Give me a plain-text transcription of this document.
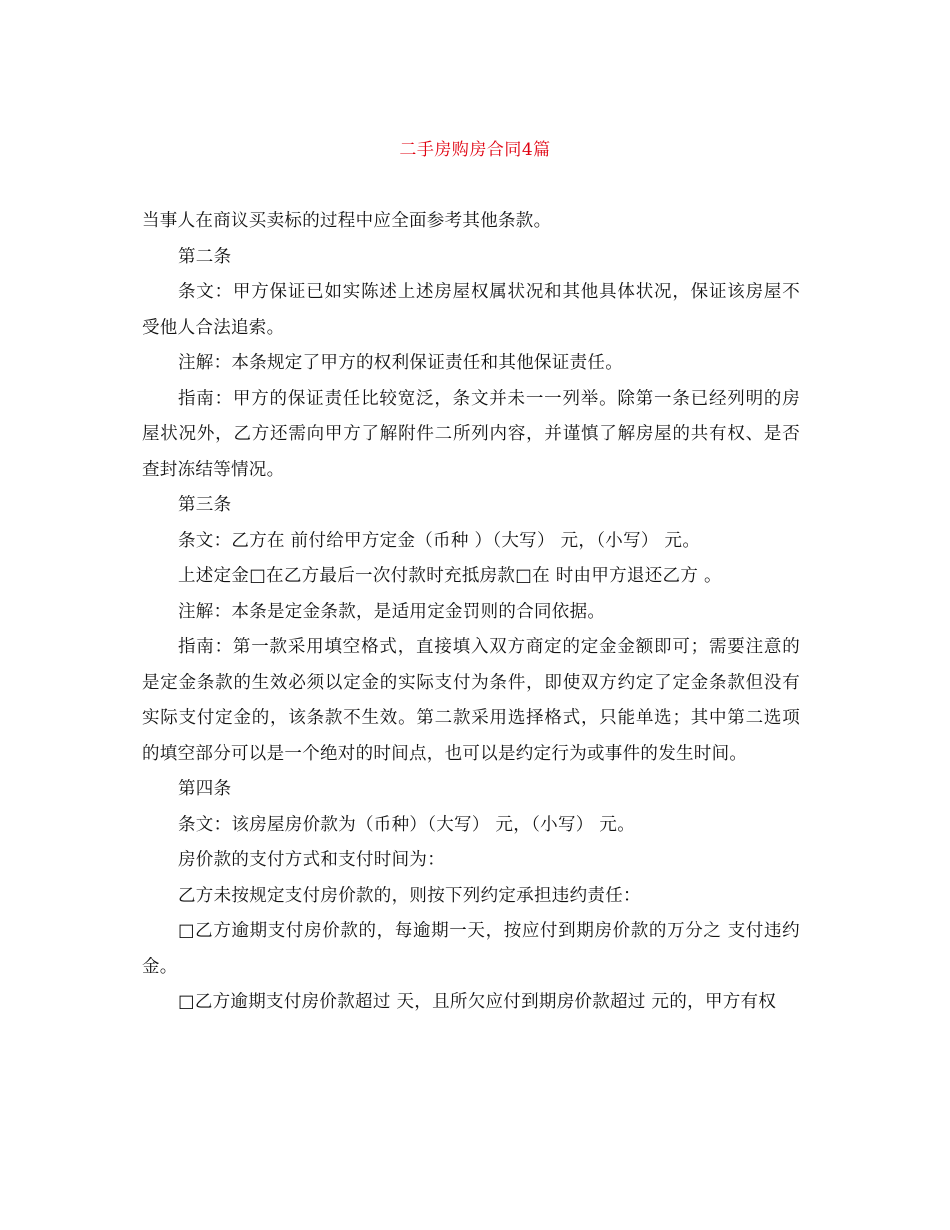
二手房购房合同4篇

当事人在商议买卖标的过程中应全面参考其他条款。

第二条

条文：甲方保证已如实陈述上述房屋权属状况和其他具体状况，保证该房屋不受他人合法追索。

注解：本条规定了甲方的权利保证责任和其他保证责任。

指南：甲方的保证责任比较宽泛，条文并未一一列举。除第一条已经列明的房屋状况外，乙方还需向甲方了解附件二所列内容，并谨慎了解房屋的共有权、是否查封冻结等情况。

第三条

条文：乙方在 前付给甲方定金（币种 ）（大写） 元，（小写） 元。

上述定金□在乙方最后一次付款时充抵房款□在 时由甲方退还乙方 。

注解：本条是定金条款，是适用定金罚则的合同依据。

指南：第一款采用填空格式，直接填入双方商定的定金金额即可；需要注意的是定金条款的生效必须以定金的实际支付为条件，即使双方约定了定金条款但没有实际支付定金的，该条款不生效。第二款采用选择格式，只能单选；其中第二选项的填空部分可以是一个绝对的时间点，也可以是约定行为或事件的发生时间。

第四条

条文：该房屋房价款为（币种）（大写） 元，（小写） 元。

房价款的支付方式和支付时间为：

乙方未按规定支付房价款的，则按下列约定承担违约责任：

□乙方逾期支付房价款的，每逾期一天，按应付到期房价款的万分之 支付违约金。

□乙方逾期支付房价款超过 天，且所欠应付到期房价款超过 元的，甲方有权
